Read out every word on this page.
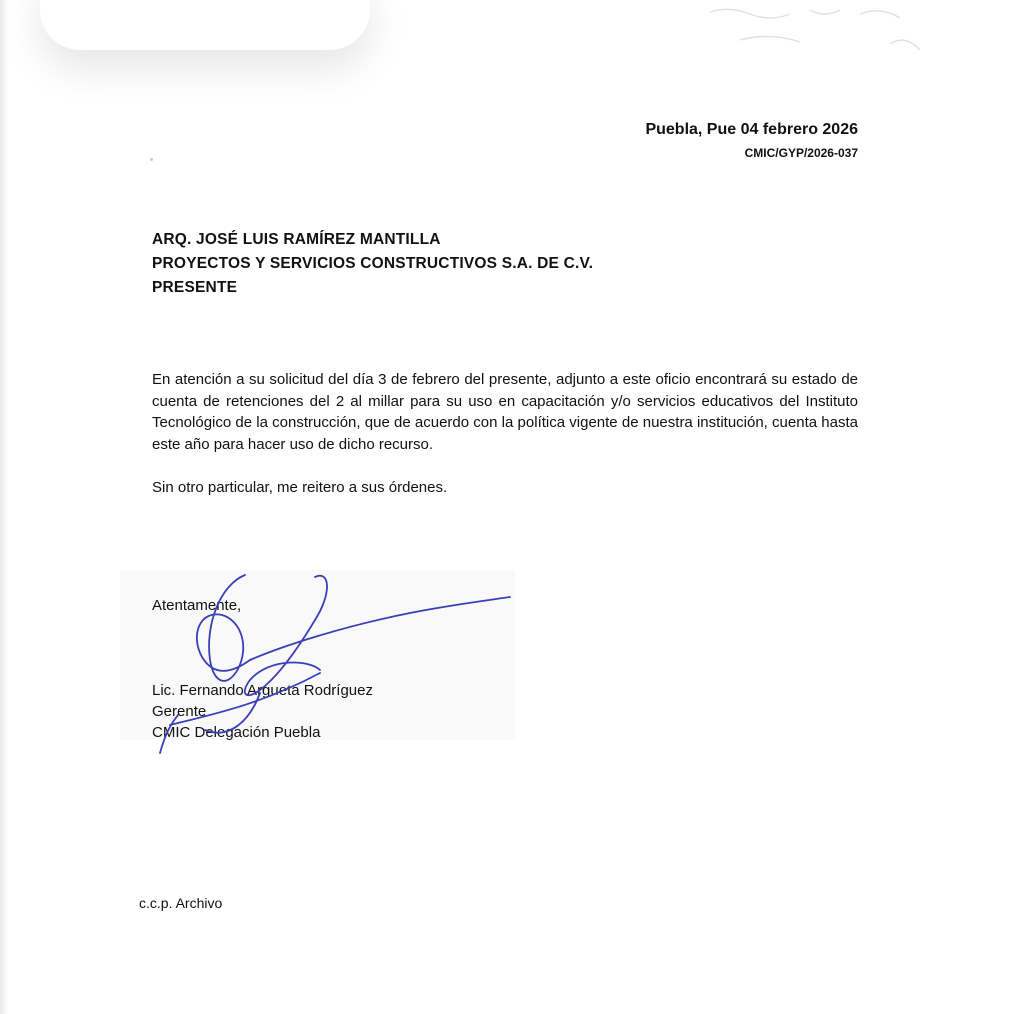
Puebla, Pue 04 febrero 2026
CMIC/GYP/2026-037
ARQ. JOSÉ LUIS RAMÍREZ MANTILLA
PROYECTOS Y SERVICIOS CONSTRUCTIVOS S.A. DE C.V.
PRESENTE
En atención a su solicitud del día 3 de febrero del presente, adjunto a este oficio encontrará su estado de cuenta de retenciones del 2 al millar para su uso en capacitación y/o servicios educativos del Instituto Tecnológico de la construcción, que de acuerdo con la política vigente de nuestra institución, cuenta hasta este año para hacer uso de dicho recurso.
Sin otro particular, me reitero a sus órdenes.
Atentamente,
Lic. Fernando Argueta Rodríguez
Gerente
CMIC Delegación Puebla
c.c.p. Archivo
